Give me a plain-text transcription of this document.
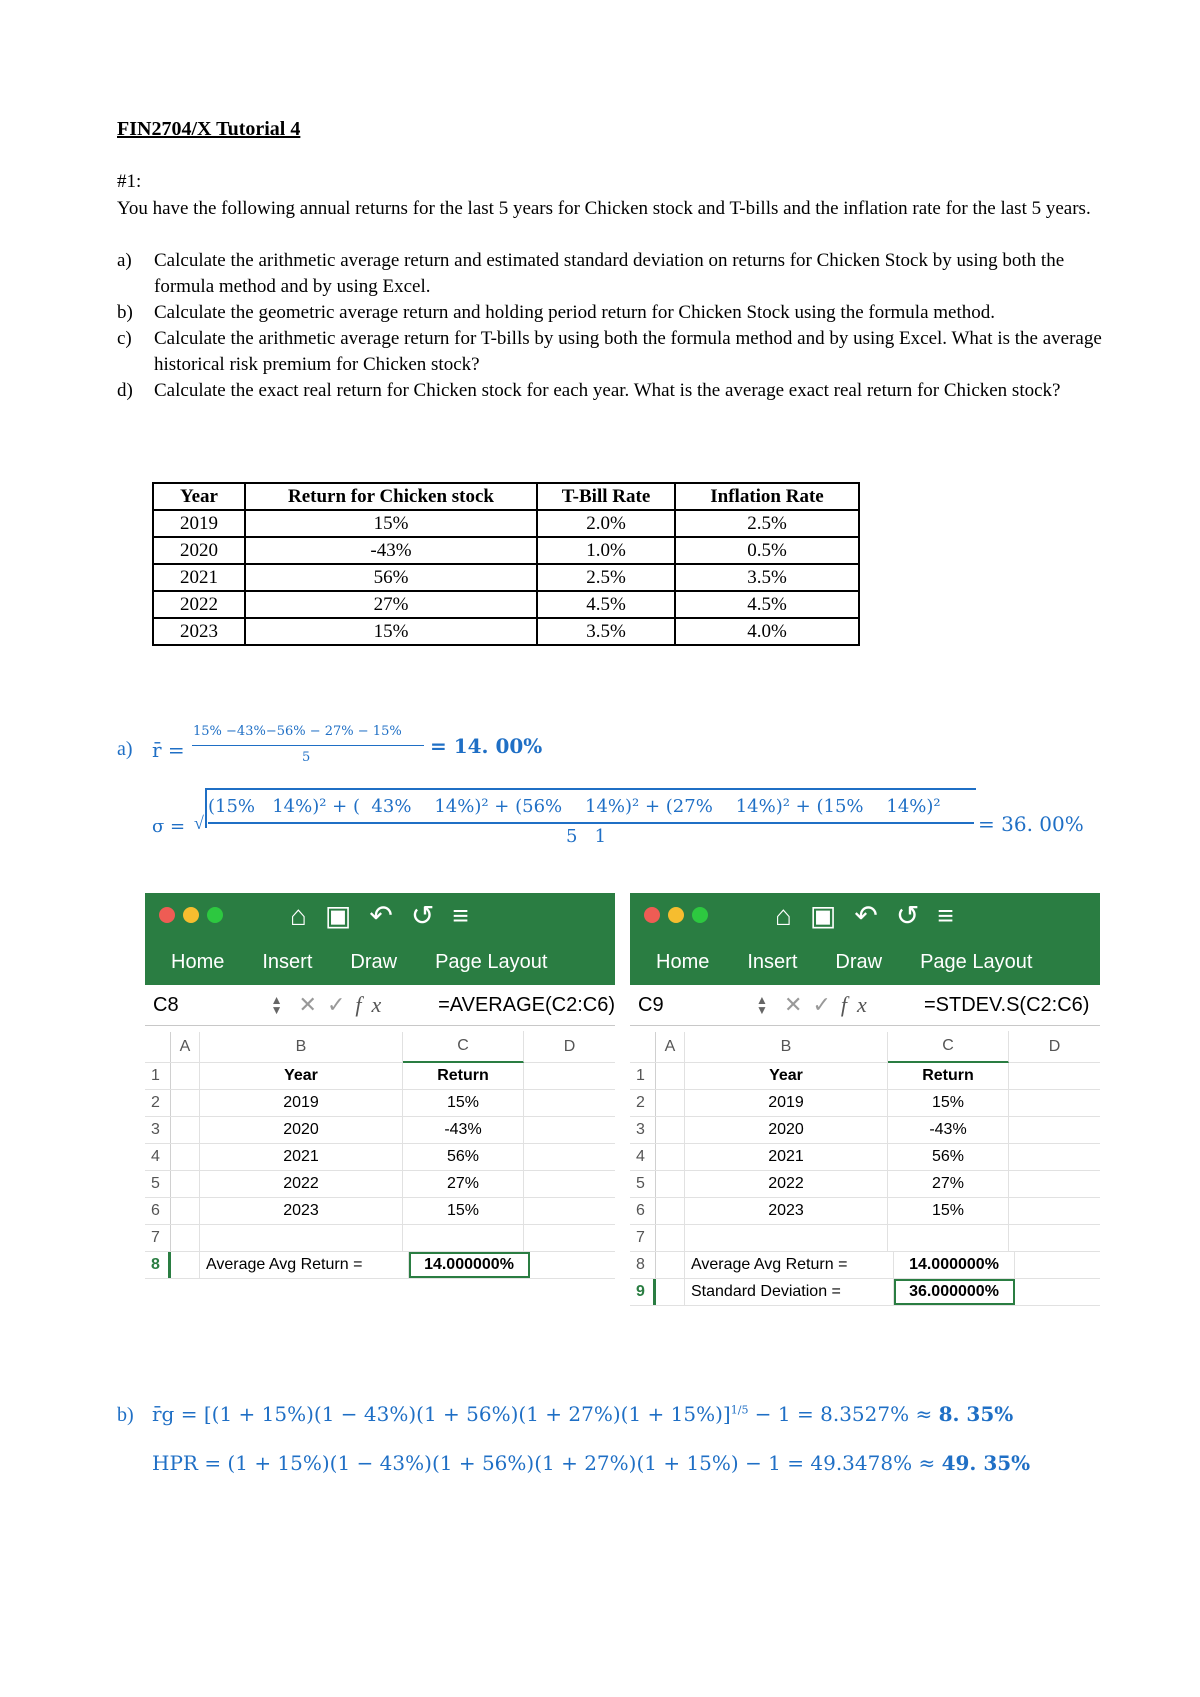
FIN2704/X Tutorial 4
#1:
You have the following annual returns for the last 5 years for Chicken stock and T-bills and the inflation rate for the last 5 years.
a)	Calculate the arithmetic average return and estimated standard deviation on returns for Chicken Stock by using both the formula method and by using Excel.
b)	Calculate the geometric average return and holding period return for Chicken Stock using the formula method.
c)	Calculate the arithmetic average return for T-bills by using both the formula method and by using Excel. What is the average historical risk premium for Chicken stock?
d)	Calculate the exact real return for Chicken stock for each year. What is the average exact real return for Chicken stock?
Year	Return for Chicken stock	T-Bill Rate	Inflation Rate
2019	15%	2.0%	2.5%
2020	-43%	1.0%	0.5%
2021	56%	2.5%	3.5%
2022	27%	4.5%	4.5%
2023	15%	3.5%	4.0%
a) r̄ =
15% −43%−56% − 27% − 15%
5	= 14. 00%
σ = √
(15%   14%)² + (  43%    14%)² + (56%    14%)² + (27%    14%)² + (15%    14%)²
5   1
= 36. 00%
⌂▣↶↺≡
Home Insert Draw Page Layout
C8	▲
▼ ✕✓fx	=AVERAGE(C2:C6)
A	B	C	D
1	Year	Return
2	2019	15%
3	2020	-43%
4	2021	56%
5	2022	27%
6	2023	15%
7
8	Average Avg Return =	14.000000%
⌂▣↶↺≡
Home Insert Draw Page Layout
C9	▲
▼ ✕✓fx	=STDEV.S(C2:C6)
A	B	C	D
1	Year	Return
2	2019	15%
3	2020	-43%
4	2021	56%
5	2022	27%
6	2023	15%
7
8	Average Avg Return =	14.000000%
9	Standard Deviation =	36.000000%
b) r̄g = $[(1 + 15\%)(1 - 43\%)(1 + 56\%)(1 + 27\%)(1 + 15\%)]^{1/5} - 1 = 8.3527\% \approx 8$. 35%
HPR = (1 + 15%)(1 − 43%)(1 + 56%)(1 + 27%)(1 + 15%) − 1 = 49.3478% ≈ 49. 35%
